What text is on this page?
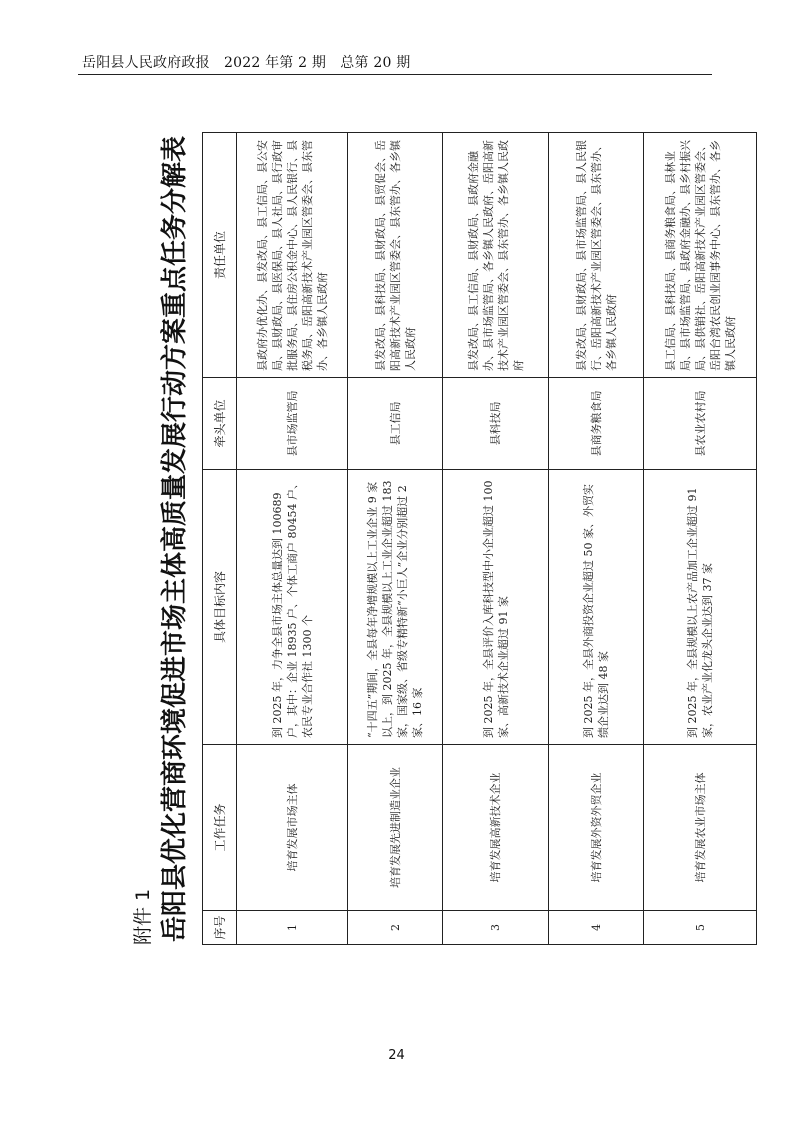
岳阳县人民政府政报　2022 年第 2 期　总第 20 期
附件 1 岳阳县优化营商环境促进市场主体高质量发展行动方案重点任务分解表 序号	工作任务	具体目标内容	牵头单位	责任单位
1	培育发展市场主体	到 2025 年，力争全县市场主体总量达到 100689 户，其中：企业 18935 户、个体工商户 80454 户、农民专业合作社 1300 个	县市场监管局	县政府办优化办、县发改局、县工信局、县公安局、县财政局、县医保局、县人社局、县行政审批服务局、县住房公积金中心、县人民银行、县税务局、岳阳高新技术产业园区管委会、县东管办、各乡镇人民政府
2	培育发展先进制造业企业	“十四五”期间，全县每年净增规模以上工业企业 9 家以上，到 2025 年，全县规模以上工业企业超过 183 家，国家级、省级专精特新“小巨人”企业分别超过 2 家、16 家	县工信局	县发改局、县科技局、县财政局、县贸促会、岳阳高新技术产业园区管委会、县东管办、各乡镇人民政府
3	培育发展高新技术企业	到 2025 年，全县评价入库科技型中小企业超过 100 家、高新技术企业超过 91 家	县科技局	县发改局、县工信局、县财政局、县政府金融办、县市场监管局、各乡镇人民政府、岳阳高新技术产业园区管委会、县东管办、各乡镇人民政府
4	培育发展外资外贸企业	到 2025 年，全县外商投资企业超过 50 家、外贸实绩企业达到 48 家	县商务粮食局	县发改局、县财政局、县市场监管局、县人民银行、岳阳高新技术产业园区管委会、县东管办、各乡镇人民政府
5	培育发展农业市场主体	到 2025 年，全县规模以上农产品加工企业超过 91 家，农业产业化龙头企业达到 37 家	县农业农村局	县工信局、县科技局、县商务粮食局、县林业局、县市场监管局、县政府金融办、县乡村振兴局、县供销社、岳阳高新技术产业园区管委会、岳阳台湾农民创业园事务中心、县东管办、各乡镇人民政府
24
